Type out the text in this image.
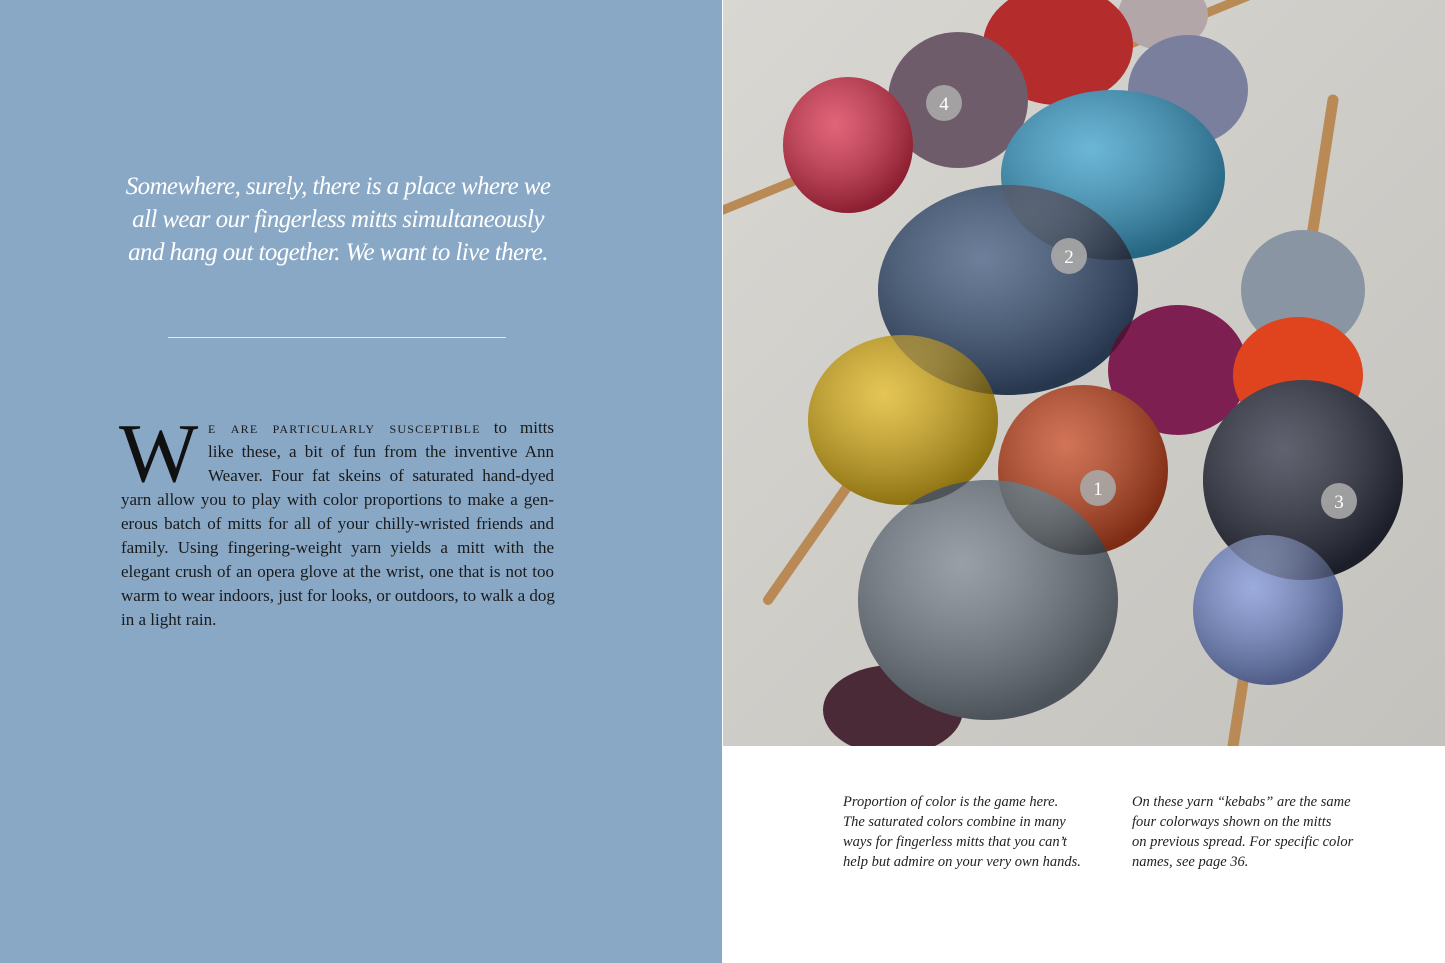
Somewhere, surely, there is a place where we
all wear our fingerless mitts simultaneously
and hang out together. We want to live there.
W e are particularly susceptible to mitts
like these, a bit of fun from the inventive Ann
Weaver. Four fat skeins of saturated hand-dyed
yarn allow you to play with color proportions to make a gen-
erous batch of mitts for all of your chilly-wristed friends and
family. Using fingering-weight yarn yields a mitt with the
elegant crush of an opera glove at the wrist, one that is not too
warm to wear indoors, just for looks, or outdoors, to walk a dog
in a light rain.
1
2
3
4
Proportion of color is the game here.
The saturated colors combine in many
ways for fingerless mitts that you can’t
help but admire on your very own hands.
On these yarn “kebabs” are the same
four colorways shown on the mitts
on previous spread. For specific color
names, see page 36.
